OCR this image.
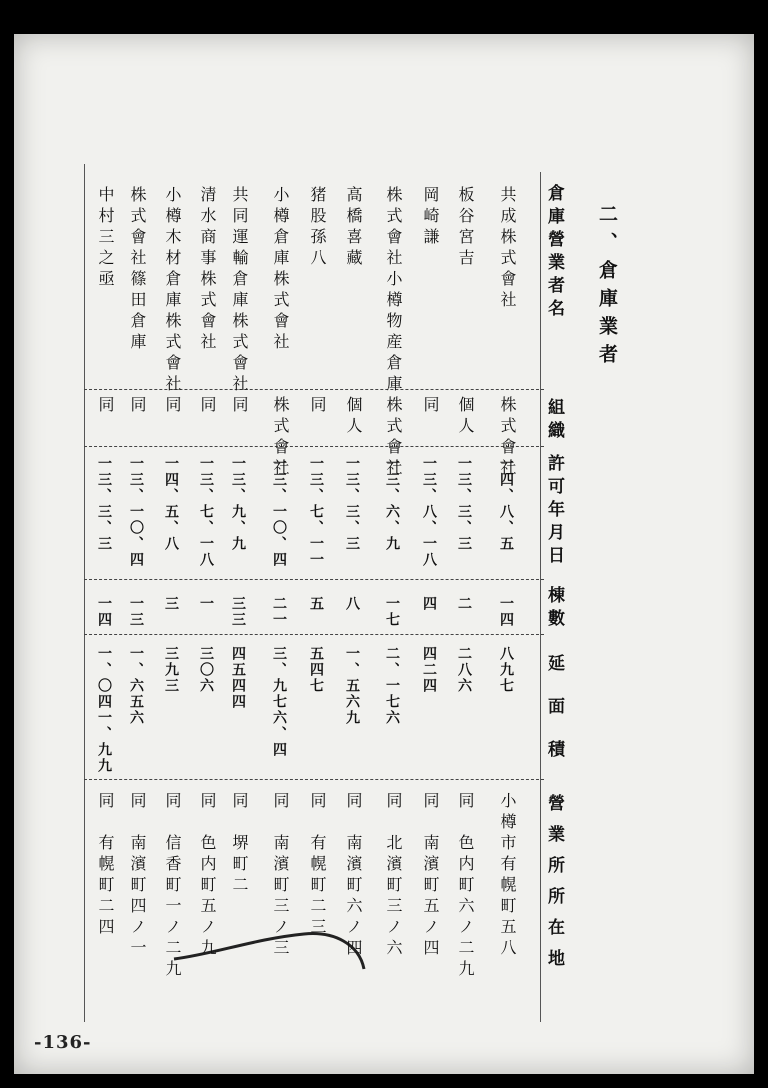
二、倉庫業者
倉庫營業者名
組織
許可年月日
棟數
延面積
營業所所在地
-136-
共成株式會社
株式會社
一四、八、五
一四
八九七
小樽市有幌町五八
板谷宮吉
個人
一三、三、三
二
二八六
同　色内町六ノ二九
岡崎謙
同
一三、八、一八
四
四二四
同　南濱町五ノ四
株式會社小樽物産倉庫
株式會社
一三、六、九
一七
二、一七六
同　北濱町三ノ六
高橋喜藏
個人
一三、三、三
八
一、五六九
同　南濱町六ノ四
猪股孫八
同
一三、七、一一
五
五四七
同　有幌町二三
小樽倉庫株式會社
株式會社
一三、一〇、四
二一
三、九七六、四
同　南濱町三ノ三
共同運輸倉庫株式會社
同
一三、九、九
三三
四五四四
同　堺町二
清水商事株式會社
同
一三、七、一八
一
三〇六
同　色内町五ノ九
小樽木材倉庫株式會社
同
一四、五、八
三
三九三
同　信香町一ノ二九
株式會社篠田倉庫
同
一三、一〇、四
一三
一、六五六
同　南濱町四ノ一
中村三之亟
同
一三、三、三
一四
一、〇四一、九九
同　有幌町二四
